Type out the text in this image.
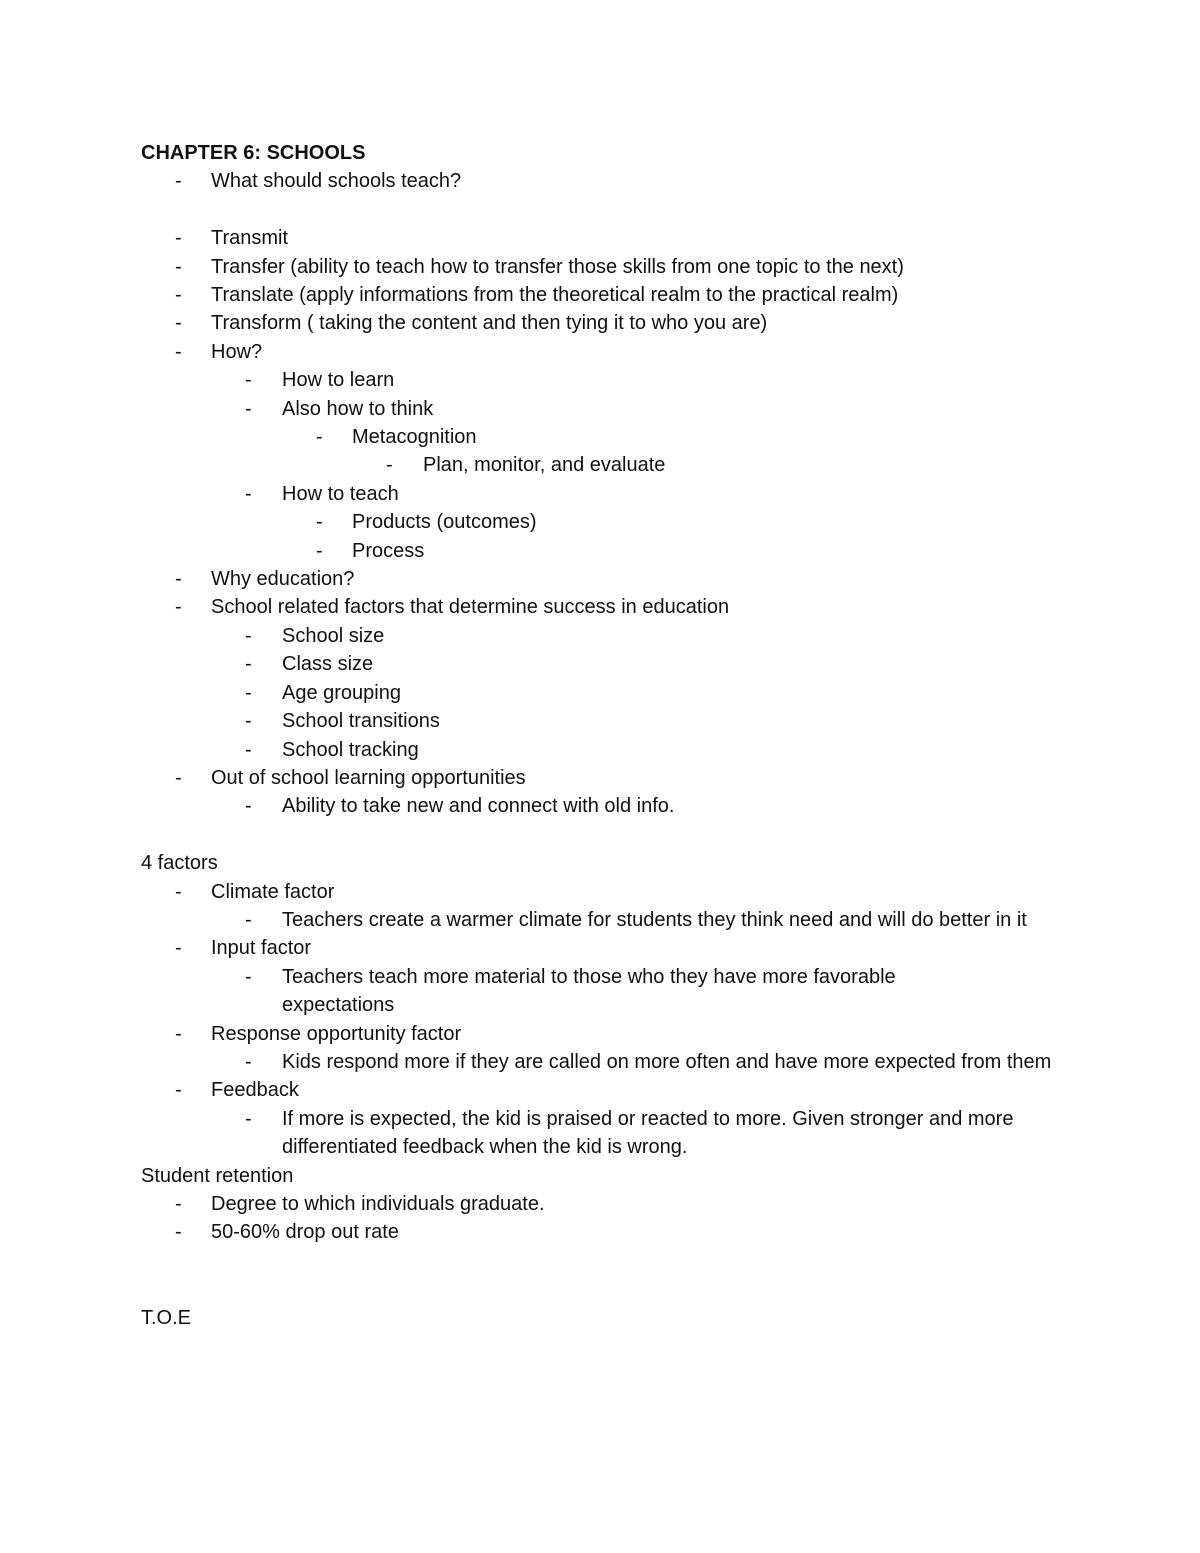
CHAPTER 6: SCHOOLS

- What should schools teach?
- Transmit
- Transfer (ability to teach how to transfer those skills from one topic to the next)
- Translate (apply informations from the theoretical realm to the practical realm)
- Transform ( taking the content and then tying it to who you are)
- How?
- How to learn
- Also how to think
- Metacognition
- Plan, monitor, and evaluate
- How to teach
- Products (outcomes)
- Process
- Why education?
- School related factors that determine success in education
- School size
- Class size
- Age grouping
- School transitions
- School tracking
- Out of school learning opportunities
- Ability to take new and connect with old info.

4 factors

- Climate factor
- Teachers create a warmer climate for students they think need and will do better in it
- Input factor
- Teachers teach more material to those who they have more favorable expectations
- Response opportunity factor
- Kids respond more if they are called on more often and have more expected from them
- Feedback
- If more is expected, the kid is praised or reacted to more. Given stronger and more differentiated feedback when the kid is wrong.

Student retention

- Degree to which individuals graduate.
- 50-60% drop out rate

T.O.E
